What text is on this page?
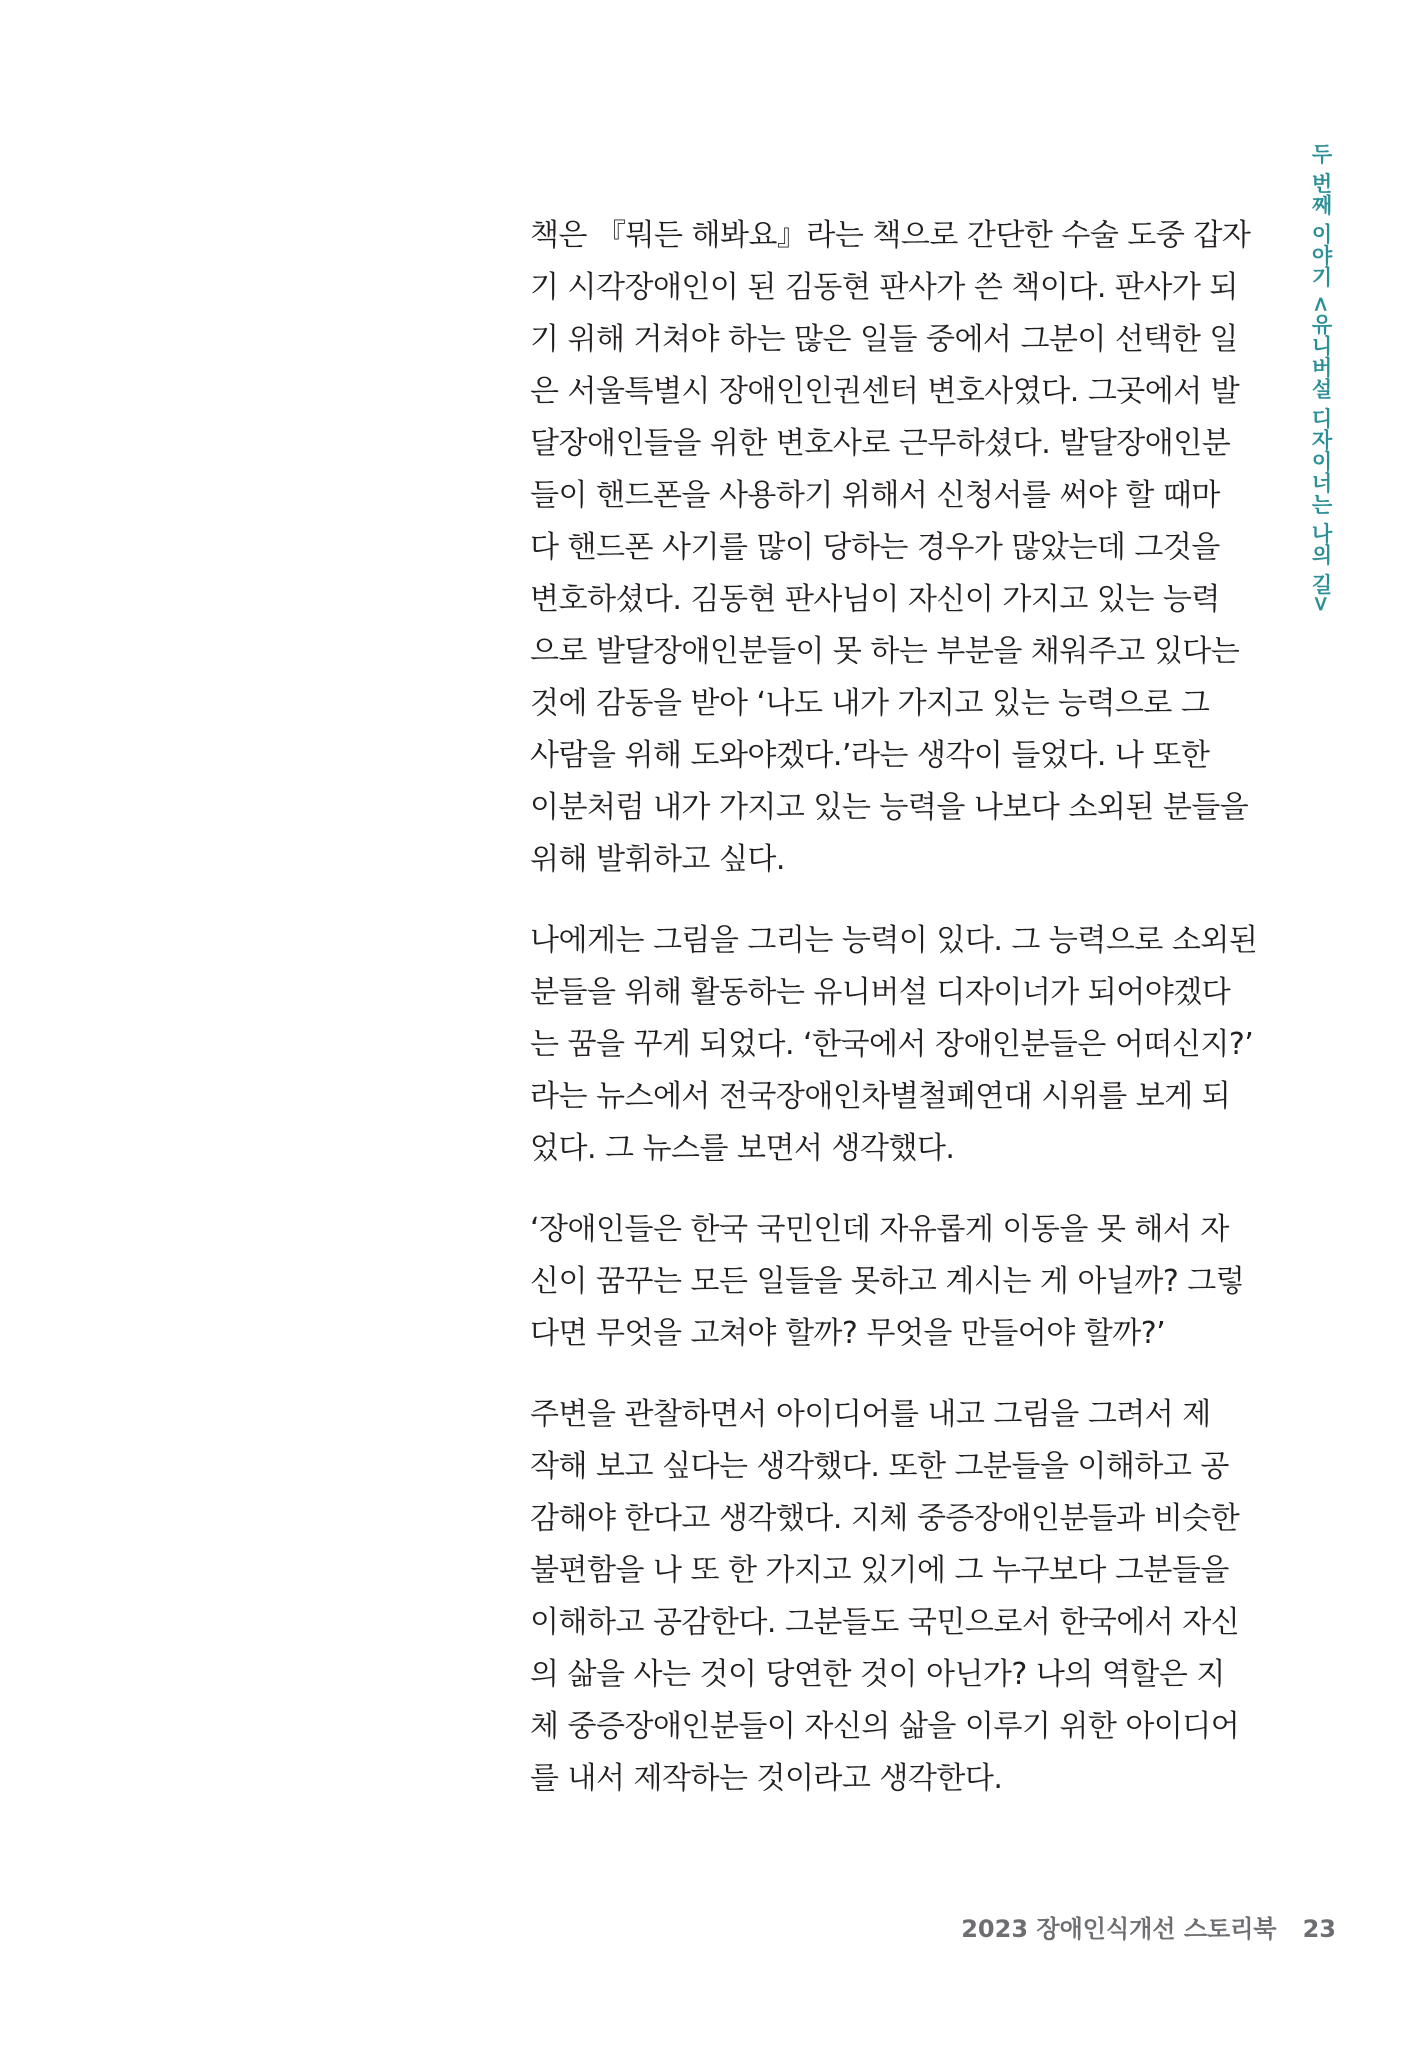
두 번째 이야기 <유니버설 디자이너는 나의 길>
책은 『뭐든 해봐요』라는 책으로 간단한 수술 도중 갑자
기 시각장애인이 된 김동현 판사가 쓴 책이다. 판사가 되
기 위해 거쳐야 하는 많은 일들 중에서 그분이 선택한 일
은 서울특별시 장애인인권센터 변호사였다. 그곳에서 발
달장애인들을 위한 변호사로 근무하셨다. 발달장애인분
들이 핸드폰을 사용하기 위해서 신청서를 써야 할 때마
다 핸드폰 사기를 많이 당하는 경우가 많았는데 그것을
변호하셨다. 김동현 판사님이 자신이 가지고 있는 능력
으로 발달장애인분들이 못 하는 부분을 채워주고 있다는
것에 감동을 받아 ‘나도 내가 가지고 있는 능력으로 그
사람을 위해 도와야겠다.’라는 생각이 들었다. 나 또한
이분처럼 내가 가지고 있는 능력을 나보다 소외된 분들을
위해 발휘하고 싶다.
나에게는 그림을 그리는 능력이 있다. 그 능력으로 소외된
분들을 위해 활동하는 유니버설 디자이너가 되어야겠다
는 꿈을 꾸게 되었다. ‘한국에서 장애인분들은 어떠신지?’
라는 뉴스에서 전국장애인차별철폐연대 시위를 보게 되
었다. 그 뉴스를 보면서 생각했다.
‘장애인들은 한국 국민인데 자유롭게 이동을 못 해서 자
신이 꿈꾸는 모든 일들을 못하고 계시는 게 아닐까? 그렇
다면 무엇을 고쳐야 할까? 무엇을 만들어야 할까?’
주변을 관찰하면서 아이디어를 내고 그림을 그려서 제
작해 보고 싶다는 생각했다. 또한 그분들을 이해하고 공
감해야 한다고 생각했다. 지체 중증장애인분들과 비슷한
불편함을 나 또 한 가지고 있기에 그 누구보다 그분들을
이해하고 공감한다. 그분들도 국민으로서 한국에서 자신
의 삶을 사는 것이 당연한 것이 아닌가? 나의 역할은 지
체 중증장애인분들이 자신의 삶을 이루기 위한 아이디어
를 내서 제작하는 것이라고 생각한다.
2023 장애인식개선 스토리북 23
